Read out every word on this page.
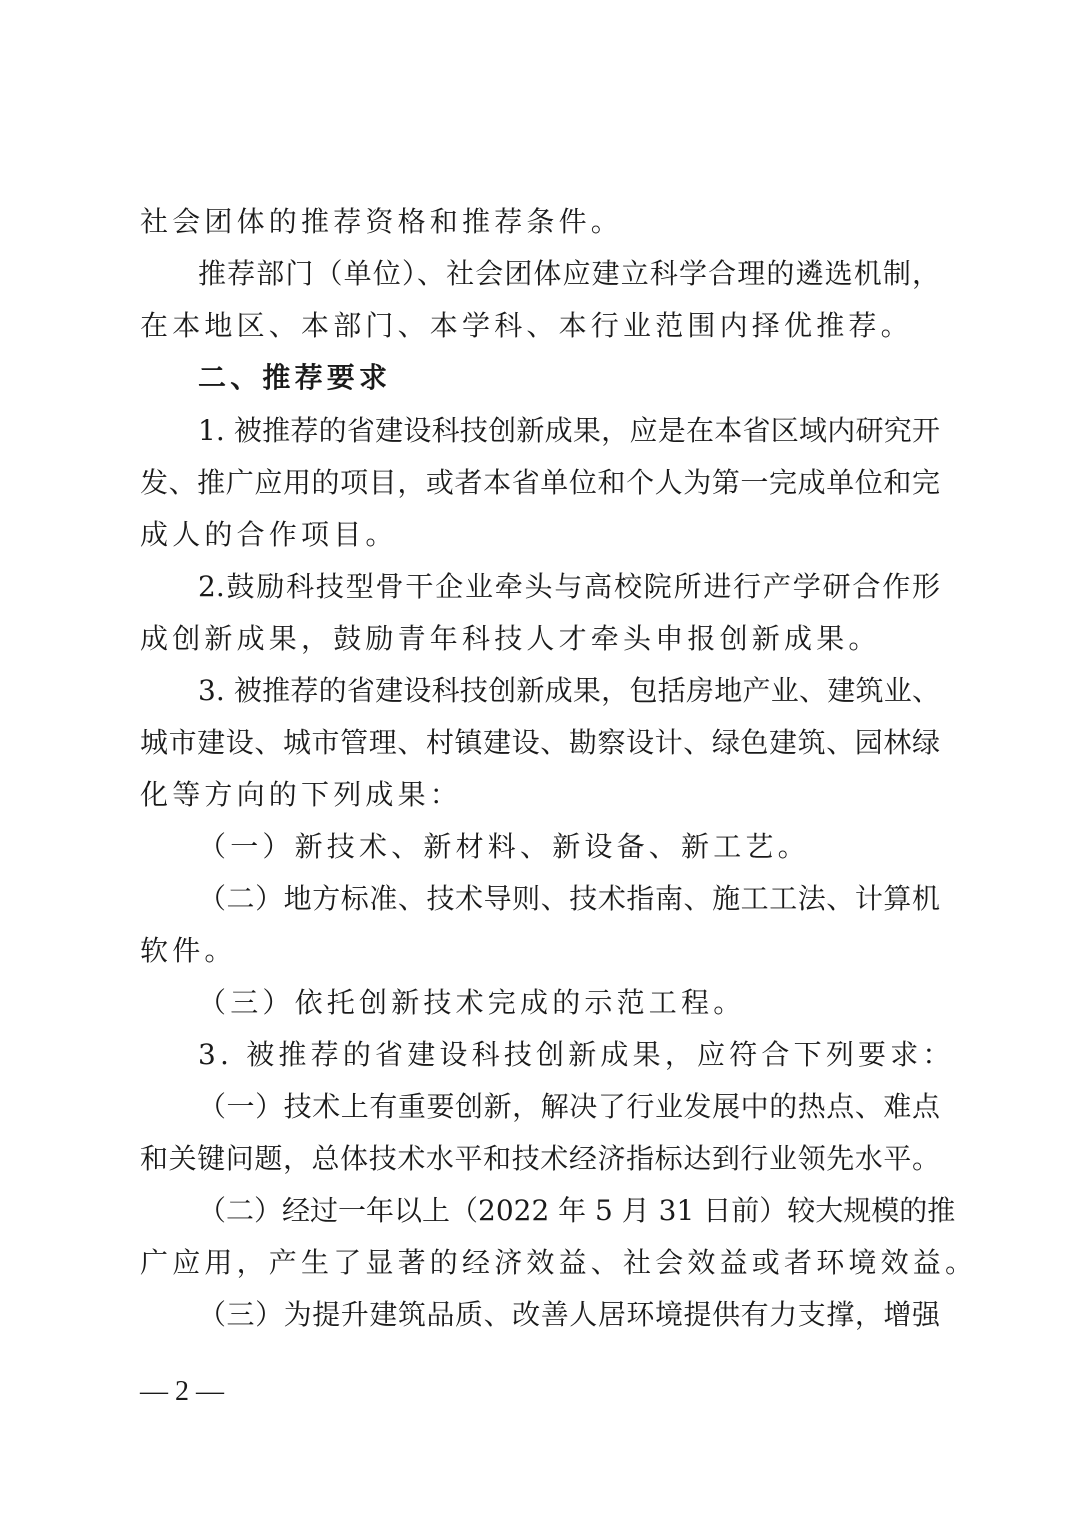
社会团体的推荐资格和推荐条件。
推荐部门（单位）、社会团体应建立科学合理的遴选机制，
在本地区、本部门、本学科、本行业范围内择优推荐。
二、推荐要求
1. 被推荐的省建设科技创新成果，应是在本省区域内研究开
发、推广应用的项目，或者本省单位和个人为第一完成单位和完
成人的合作项目。
2.鼓励科技型骨干企业牵头与高校院所进行产学研合作形
成创新成果，鼓励青年科技人才牵头申报创新成果。
3. 被推荐的省建设科技创新成果，包括房地产业、建筑业、
城市建设、城市管理、村镇建设、勘察设计、绿色建筑、园林绿
化等方向的下列成果：
（一）新技术、新材料、新设备、新工艺。
（二）地方标准、技术导则、技术指南、施工工法、计算机
软件。
（三）依托创新技术完成的示范工程。
3. 被推荐的省建设科技创新成果，应符合下列要求：
（一）技术上有重要创新，解决了行业发展中的热点、难点
和关键问题，总体技术水平和技术经济指标达到行业领先水平。
（二）经过一年以上（2022 年 5 月 31 日前）较大规模的推
广应用，产生了显著的经济效益、社会效益或者环境效益。
（三）为提升建筑品质、改善人居环境提供有力支撑，增强
— 2 —
